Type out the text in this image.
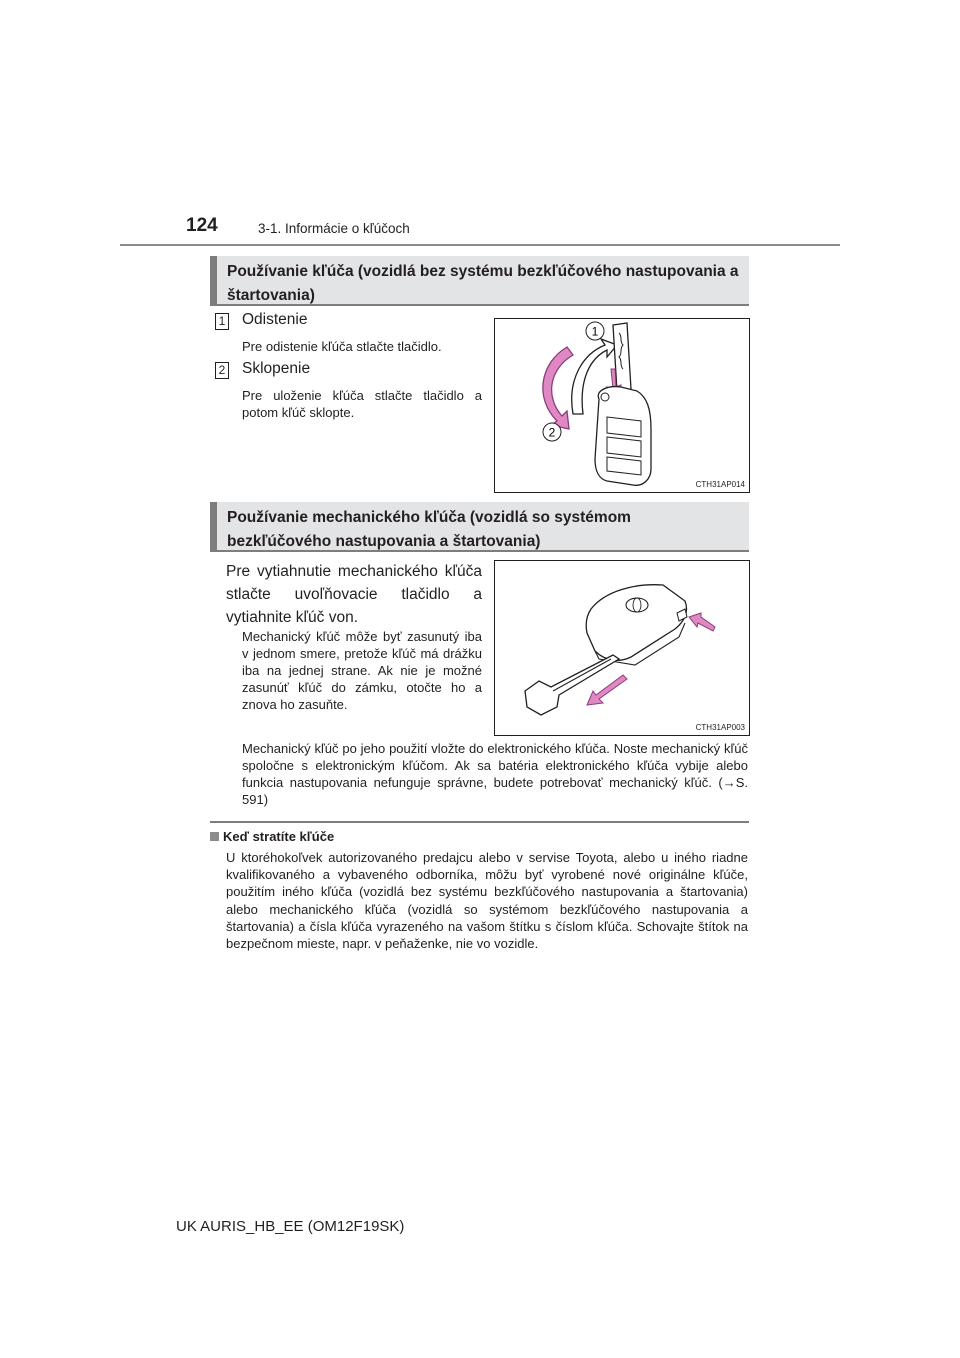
124	3-1. Informácie o kľúčoch
Používanie kľúča (vozidlá bez systému bezkľúčového nastupovania a štartovania)
1 Odistenie
Pre odistenie kľúča stlačte tlačidlo.
2 Sklopenie
Pre uloženie kľúča stlačte tlačidlo a potom kľúč sklopte.
1
2
CTH31AP014
Používanie mechanického kľúča (vozidlá so systémom bezkľúčového nastupovania a štartovania)
Pre vytiahnutie mechanického kľúča stlačte uvoľňovacie tlačidlo a vytiahnite kľúč von.
Mechanický kľúč môže byť zasunutý iba v jednom smere, pretože kľúč má drážku iba na jednej strane. Ak nie je možné zasunúť kľúč do zámku, otočte ho a znova ho zasuňte.
CTH31AP003
Mechanický kľúč po jeho použití vložte do elektronického kľúča. Noste mechanický kľúč spoločne s elektronickým kľúčom. Ak sa batéria elektronického kľúča vybije alebo funkcia nastupovania nefunguje správne, budete potrebovať mechanický kľúč. (→S. 591)
Keď stratíte kľúče
U ktoréhokoľvek autorizovaného predajcu alebo v servise Toyota, alebo u iného riadne kvalifikovaného a vybaveného odborníka, môžu byť vyrobené nové originálne kľúče, použitím iného kľúča (vozidlá bez systému bezkľúčového nastupovania a štartovania) alebo mechanického kľúča (vozidlá so systémom bezkľúčového nastupovania a štartovania) a čísla kľúča vyrazeného na vašom štítku s číslom kľúča. Schovajte štítok na bezpečnom mieste, napr. v peňaženke, nie vo vozidle.
UK AURIS_HB_EE (OM12F19SK)
